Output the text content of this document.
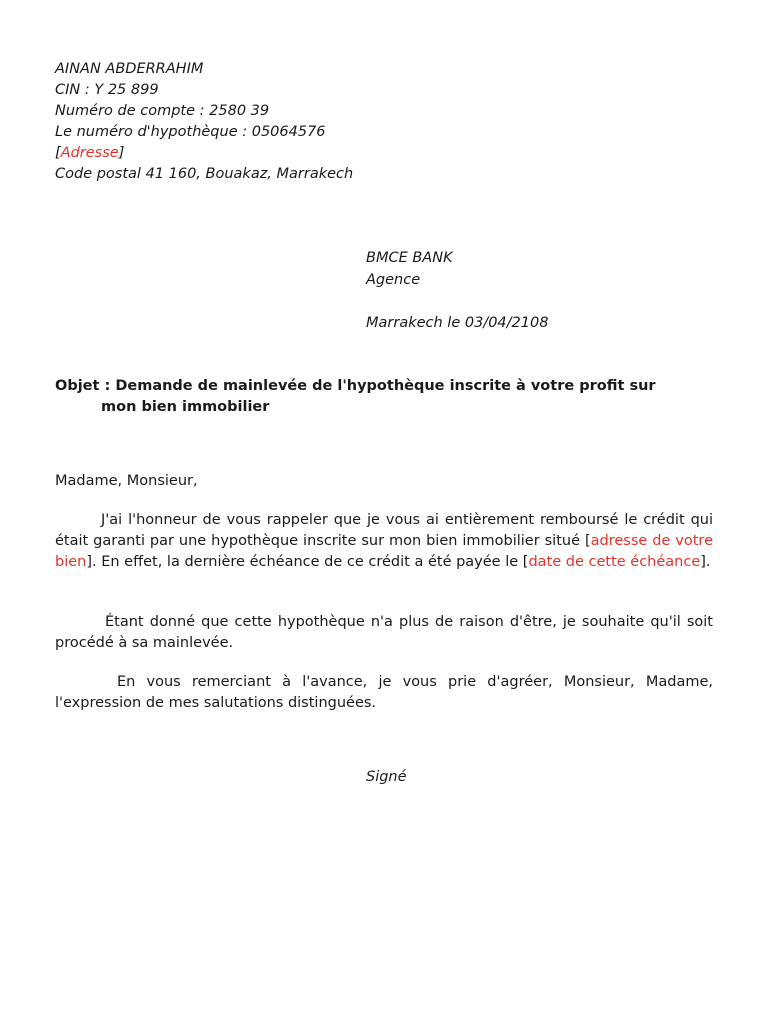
AINAN ABDERRAHIM
CIN : Y 25 899
Numéro de compte : 2580 39
Le numéro d'hypothèque : 05064576
[Adresse]
Code postal 41 160, Bouakaz, Marrakech
BMCE BANK
Agence
Marrakech le 03/04/2108
Objet : Demande de mainlevée de l'hypothèque inscrite à votre profit sur
mon bien immobilier
Madame, Monsieur,
J'ai l'honneur de vous rappeler que je vous ai entièrement remboursé le crédit qui était garanti par une hypothèque inscrite sur mon bien immobilier situé [adresse de votre bien]. En effet, la dernière échéance de ce crédit a été payée le [date de cette échéance].
Étant donné que cette hypothèque n'a plus de raison d'être, je souhaite qu'il soit procédé à sa mainlevée.
En vous remerciant à l'avance, je vous prie d'agréer, Monsieur, Madame, l'expression de mes salutations distinguées.
Signé
